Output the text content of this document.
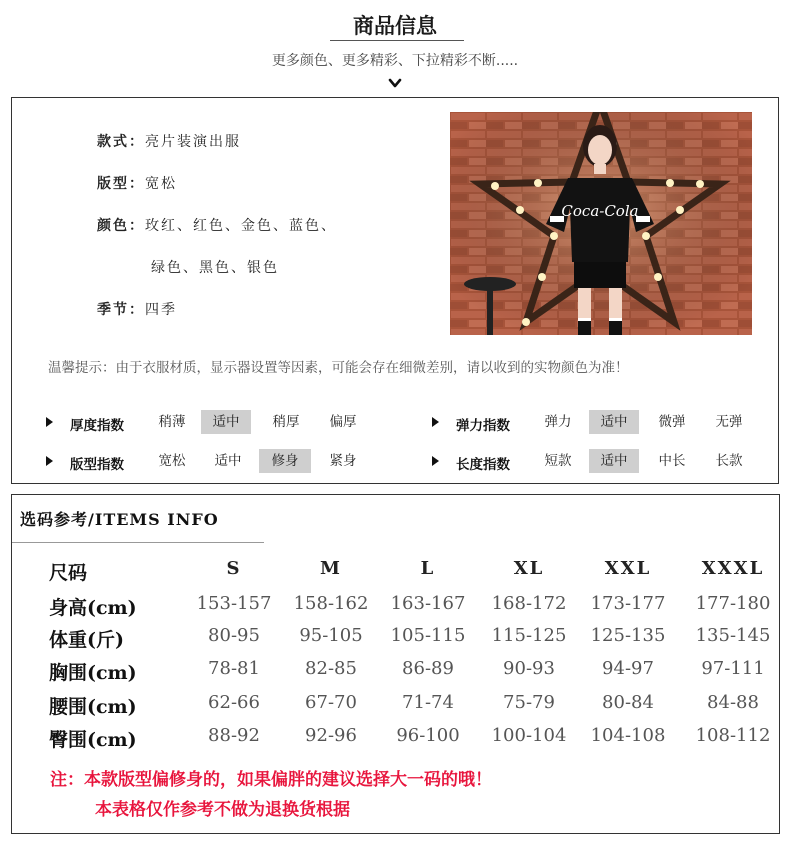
商品信息
更多颜色、更多精彩、下拉精彩不断.....
款式：亮片装演出服
版型：宽松
颜色：玫红、红色、金色、蓝色、
绿色、黑色、银色
季节：四季
Coca-Cola
温馨提示：由于衣服材质，显示器设置等因素，可能会存在细微差别，请以收到的实物颜色为准！
厚度指数	稍薄	适中	稍厚	偏厚	弹力指数	弹力	适中	微弹	无弹
版型指数	宽松	适中	修身	紧身	长度指数	短款	适中	中长	长款
选码参考/ITEMS INFO
尺码	S	M	L	XL	XXL	XXXL
身高(cm)	153-157 158-162 163-167 168-172 173-177 177-180
体重(斤)	80-95 95-105 105-115 115-125 125-135 135-145
胸围(cm)	78-81	82-85	86-89	90-93	94-97	97-111
腰围(cm)	62-66	67-70	71-74	75-79	80-84	84-88
臀围(cm)	88-92	92-96 96-100 100-104 104-108 108-112
注：本款版型偏修身的，如果偏胖的建议选择大一码的哦！
本表格仅作参考不做为退换货根据
